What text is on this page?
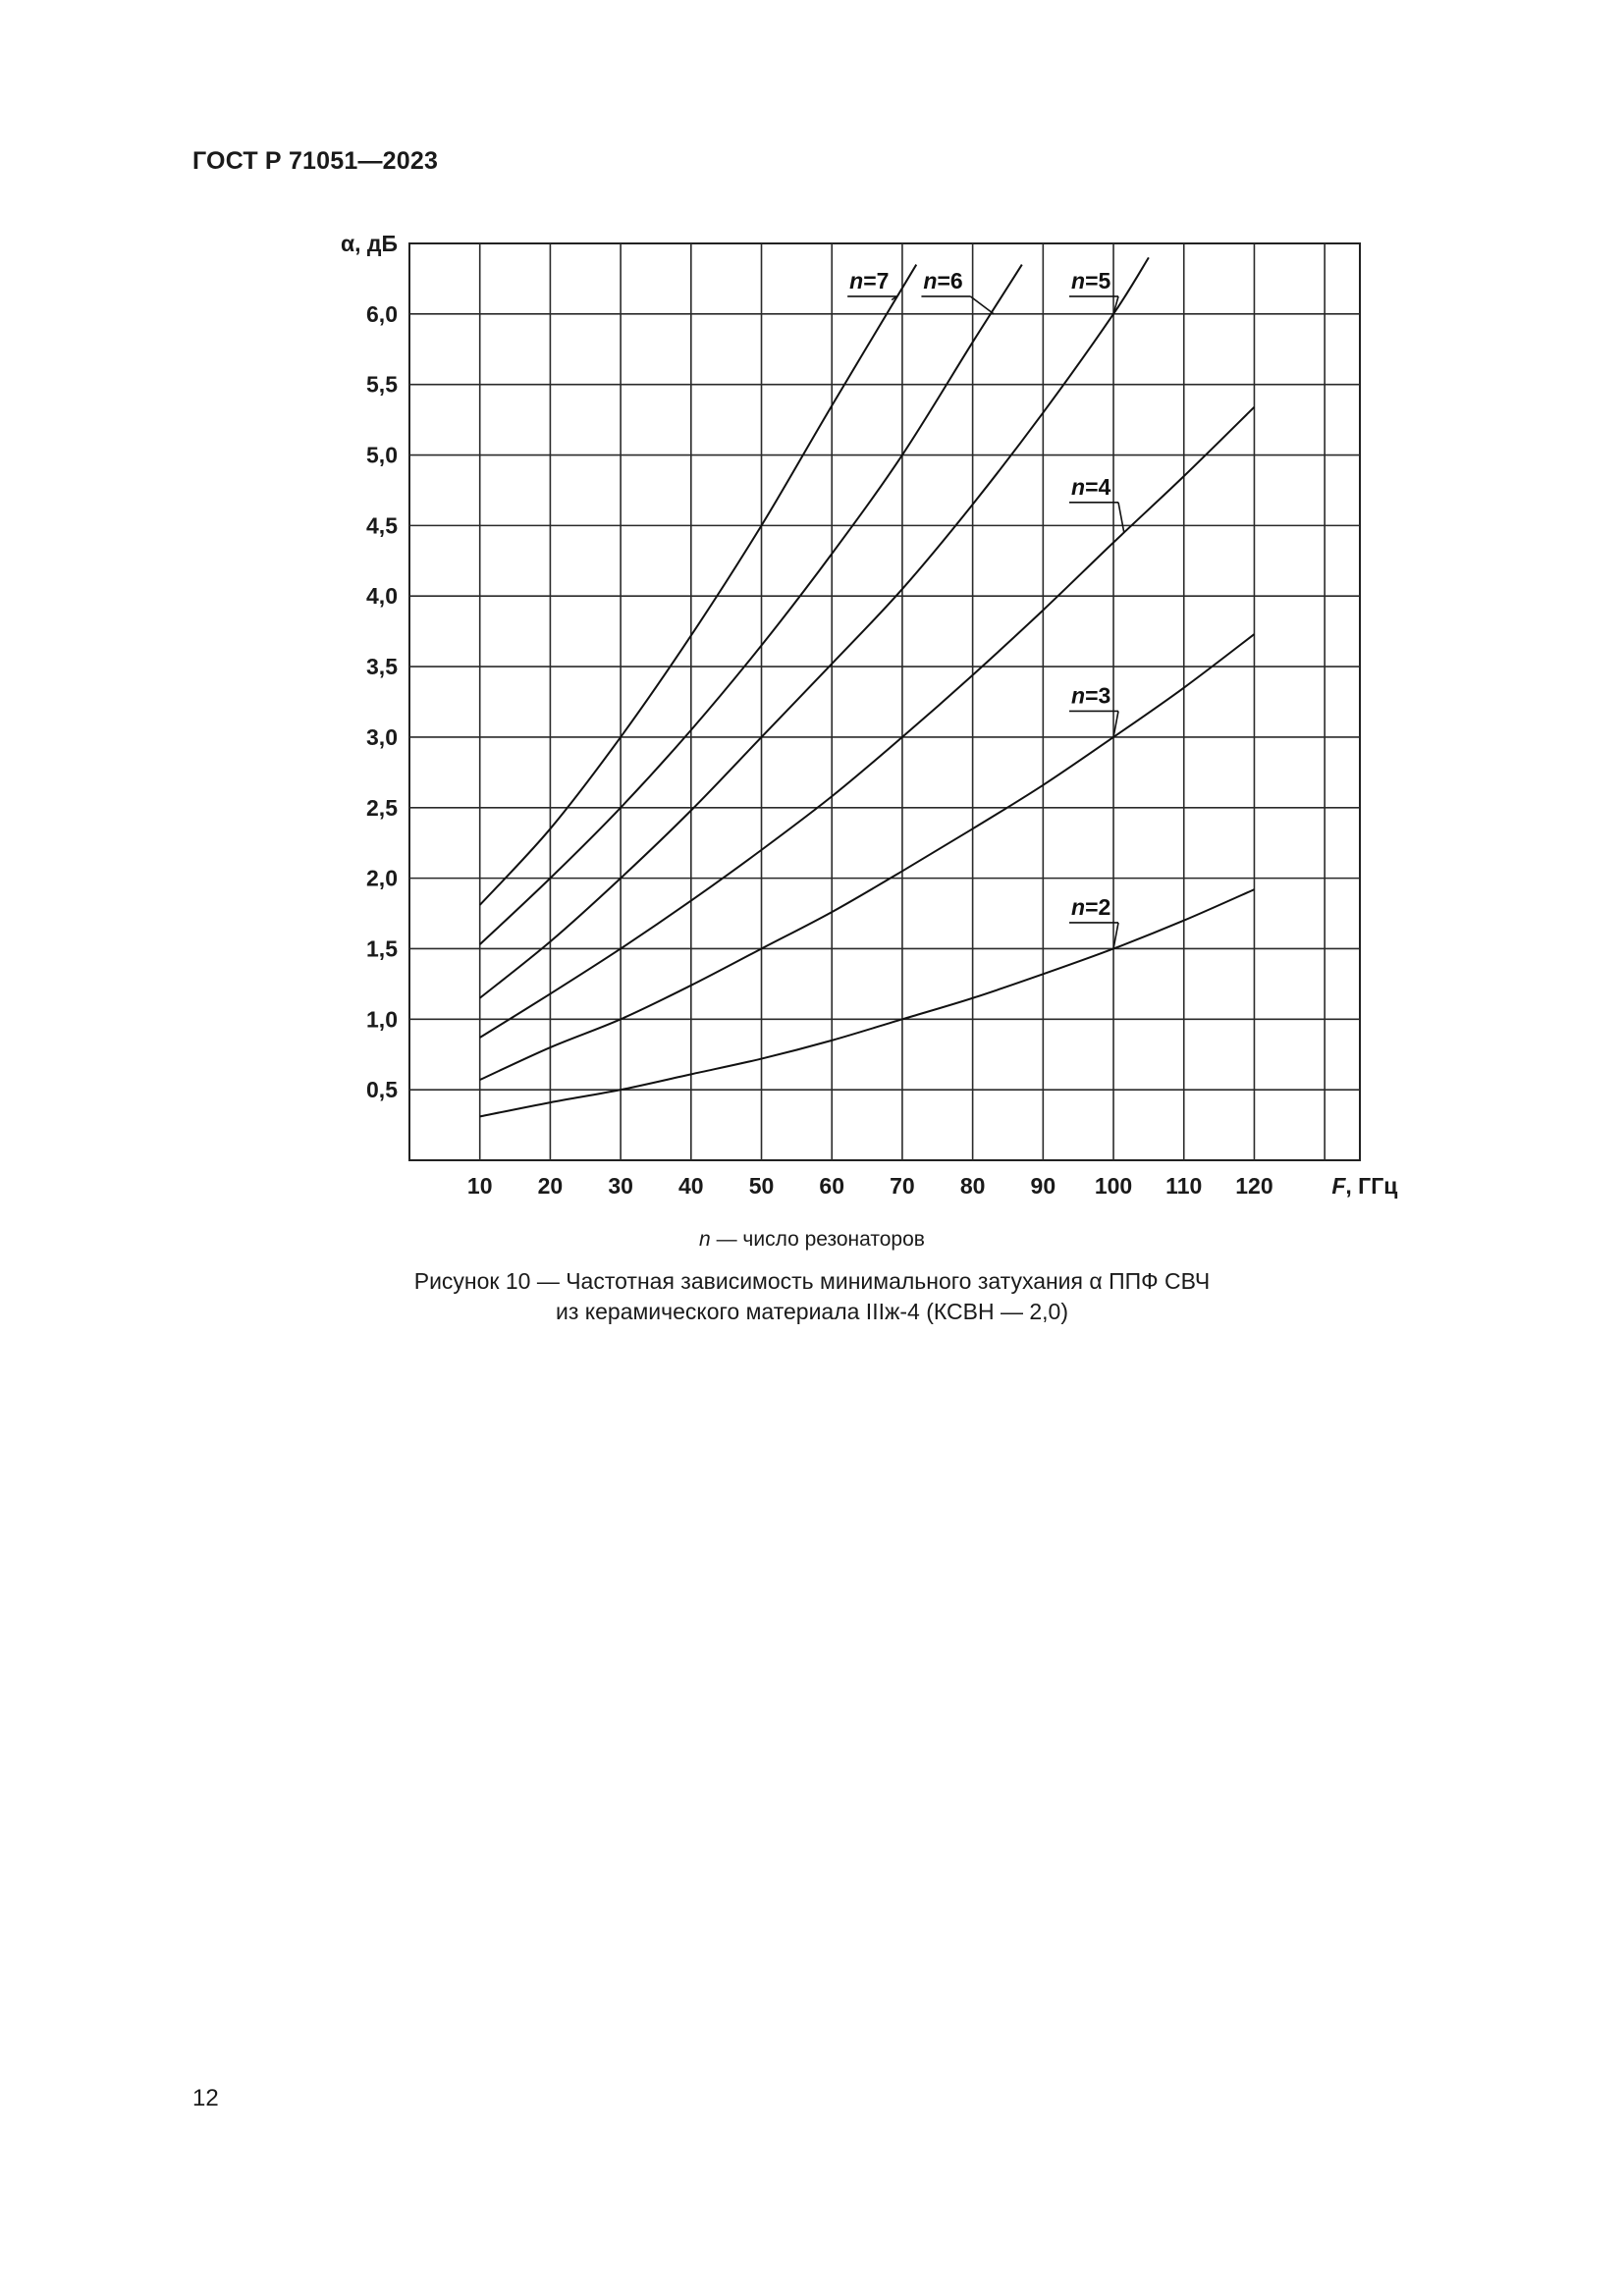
ГОСТ Р 71051—2023
n=2
n=3
n=4
n=5
n=6
n=7
10 20 30 40 50 60 70 80 90 100 110 120
0,5
1,0
1,5
2,0
2,5
3,0
3,5
4,0
4,5
5,0
5,5
6,0
α, дБ
F, ГГц
n — число резонаторов
Рисунок 10 — Частотная зависимость минимального затухания α ППФ СВЧ
из керамического материала IIIж-4 (КСВН — 2,0)
12
